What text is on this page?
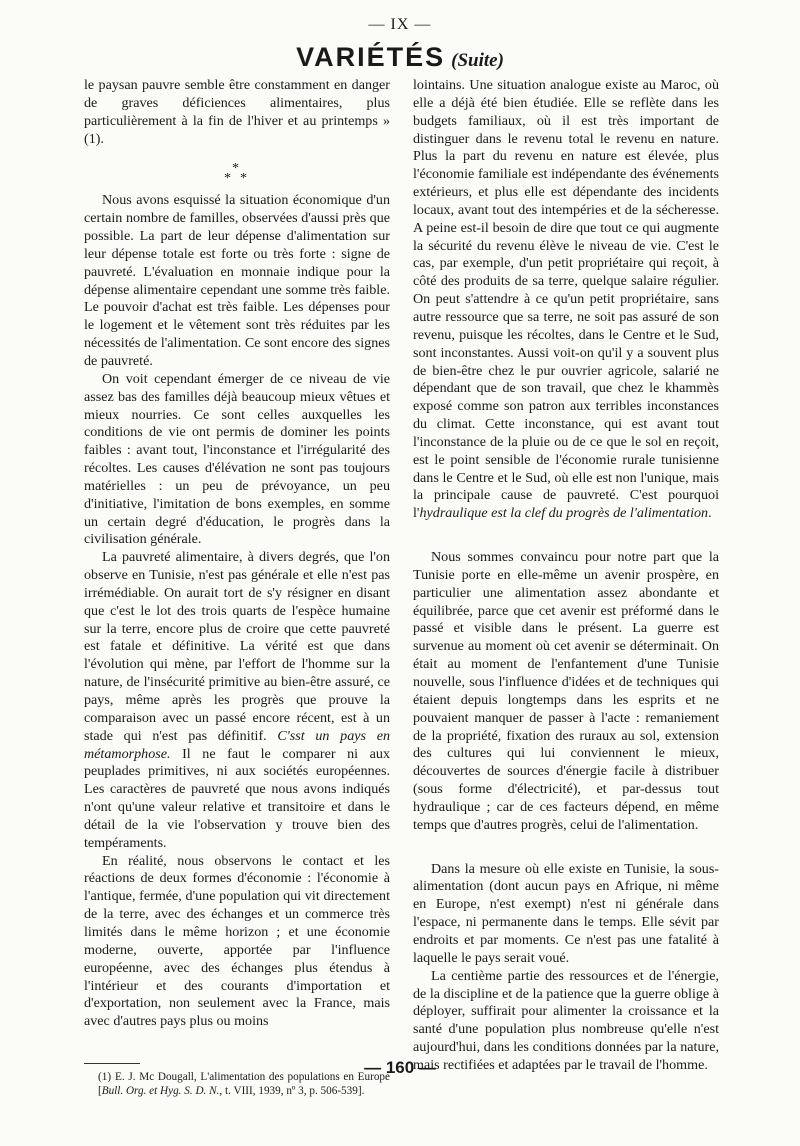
— IX —
VARIÉTÉS (Suite)

le paysan pauvre semble être constamment en danger de graves déficiences alimentaires, plus particulièrement à la fin de l'hiver et au printemps » (1).

*
*
*

Nous avons esquissé la situation économique d'un certain nombre de familles, observées d'aussi près que possible. La part de leur dépense d'alimentation sur leur dépense totale est forte ou très forte : signe de pauvreté. L'évaluation en monnaie indique pour la dépense alimentaire cependant une somme très faible. Le pouvoir d'achat est très faible. Les dépenses pour le logement et le vêtement sont très réduites par les nécessités de l'alimentation. Ce sont encore des signes de pauvreté.

On voit cependant émerger de ce niveau de vie assez bas des familles déjà beaucoup mieux vêtues et mieux nourries. Ce sont celles auxquelles les conditions de vie ont permis de dominer les points faibles : avant tout, l'inconstance et l'irrégularité des récoltes. Les causes d'élévation ne sont pas toujours matérielles : un peu de prévoyance, un peu d'initiative, l'imitation de bons exemples, en somme un certain degré d'éducation, le progrès dans la civilisation générale.

La pauvreté alimentaire, à divers degrés, que l'on observe en Tunisie, n'est pas générale et elle n'est pas irrémédiable. On aurait tort de s'y résigner en disant que c'est le lot des trois quarts de l'espèce humaine sur la terre, encore plus de croire que cette pauvreté est fatale et définitive. La vérité est que dans l'évolution qui mène, par l'effort de l'homme sur la nature, de l'insécurité primitive au bien-être assuré, ce pays, même après les progrès que prouve la comparaison avec un passé encore récent, est à un stade qui n'est pas définitif. C'sst un pays en métamorphose. Il ne faut le comparer ni aux peuplades primitives, ni aux sociétés européennes. Les caractères de pauvreté que nous avons indiqués n'ont qu'une valeur relative et transitoire et dans le détail de la vie l'observation y trouve bien des tempéraments.

En réalité, nous observons le contact et les réactions de deux formes d'économie : l'économie à l'antique, fermée, d'une population qui vit directement de la terre, avec des échanges et un commerce très limités dans le même horizon ; et une économie moderne, ouverte, apportée par l'influence européenne, avec des échanges plus étendus à l'intérieur et des courants d'importation et d'exportation, non seulement avec la France, mais avec d'autres pays plus ou moins

(1) E. J. Mc Dougall, L'alimentation des populations en Europe [Bull. Org. et Hyg. S. D. N., t. VIII, 1939, nº 3, p. 506-539].

lointains. Une situation analogue existe au Maroc, où elle a déjà été bien étudiée. Elle se reflète dans les budgets familiaux, où il est très important de distinguer dans le revenu total le revenu en nature. Plus la part du revenu en nature est élevée, plus l'économie familiale est indépendante des événements extérieurs, et plus elle est dépendante des incidents locaux, avant tout des intempéries et de la sécheresse. A peine est-il besoin de dire que tout ce qui augmente la sécurité du revenu élève le niveau de vie. C'est le cas, par exemple, d'un petit propriétaire qui reçoit, à côté des produits de sa terre, quelque salaire régulier. On peut s'attendre à ce qu'un petit propriétaire, sans autre ressource que sa terre, ne soit pas assuré de son revenu, puisque les récoltes, dans le Centre et le Sud, sont inconstantes. Aussi voit-on qu'il y a souvent plus de bien-être chez le pur ouvrier agricole, salarié ne dépendant que de son travail, que chez le khammès exposé comme son patron aux terribles inconstances du climat. Cette inconstance, qui est avant tout l'inconstance de la pluie ou de ce que le sol en reçoit, est le point sensible de l'économie rurale tunisienne dans le Centre et le Sud, où elle est non l'unique, mais la principale cause de pauvreté. C'est pourquoi l'hydraulique est la clef du progrès de l'alimentation.

Nous sommes convaincu pour notre part que la Tunisie porte en elle-même un avenir prospère, en particulier une alimentation assez abondante et équilibrée, parce que cet avenir est préformé dans le passé et visible dans le présent. La guerre est survenue au moment où cet avenir se déterminait. On était au moment de l'enfantement d'une Tunisie nouvelle, sous l'influence d'idées et de techniques qui étaient depuis longtemps dans les esprits et ne pouvaient manquer de passer à l'acte : remaniement de la propriété, fixation des ruraux au sol, extension des cultures qui lui conviennent le mieux, découvertes de sources d'énergie facile à distribuer (sous forme d'électricité), et par-dessus tout hydraulique ; car de ces facteurs dépend, en même temps que d'autres progrès, celui de l'alimentation.

Dans la mesure où elle existe en Tunisie, la sous-alimentation (dont aucun pays en Afrique, ni même en Europe, n'est exempt) n'est ni générale dans l'espace, ni permanente dans le temps. Elle sévit par endroits et par moments. Ce n'est pas une fatalité à laquelle le pays serait voué.

La centième partie des ressources et de l'énergie, de la discipline et de la patience que la guerre oblige à déployer, suffirait pour alimenter la croissance et la santé d'une population plus nombreuse qu'elle n'est aujourd'hui, dans les conditions données par la nature, mais rectifiées et adaptées par le travail de l'homme.

— 160 —
